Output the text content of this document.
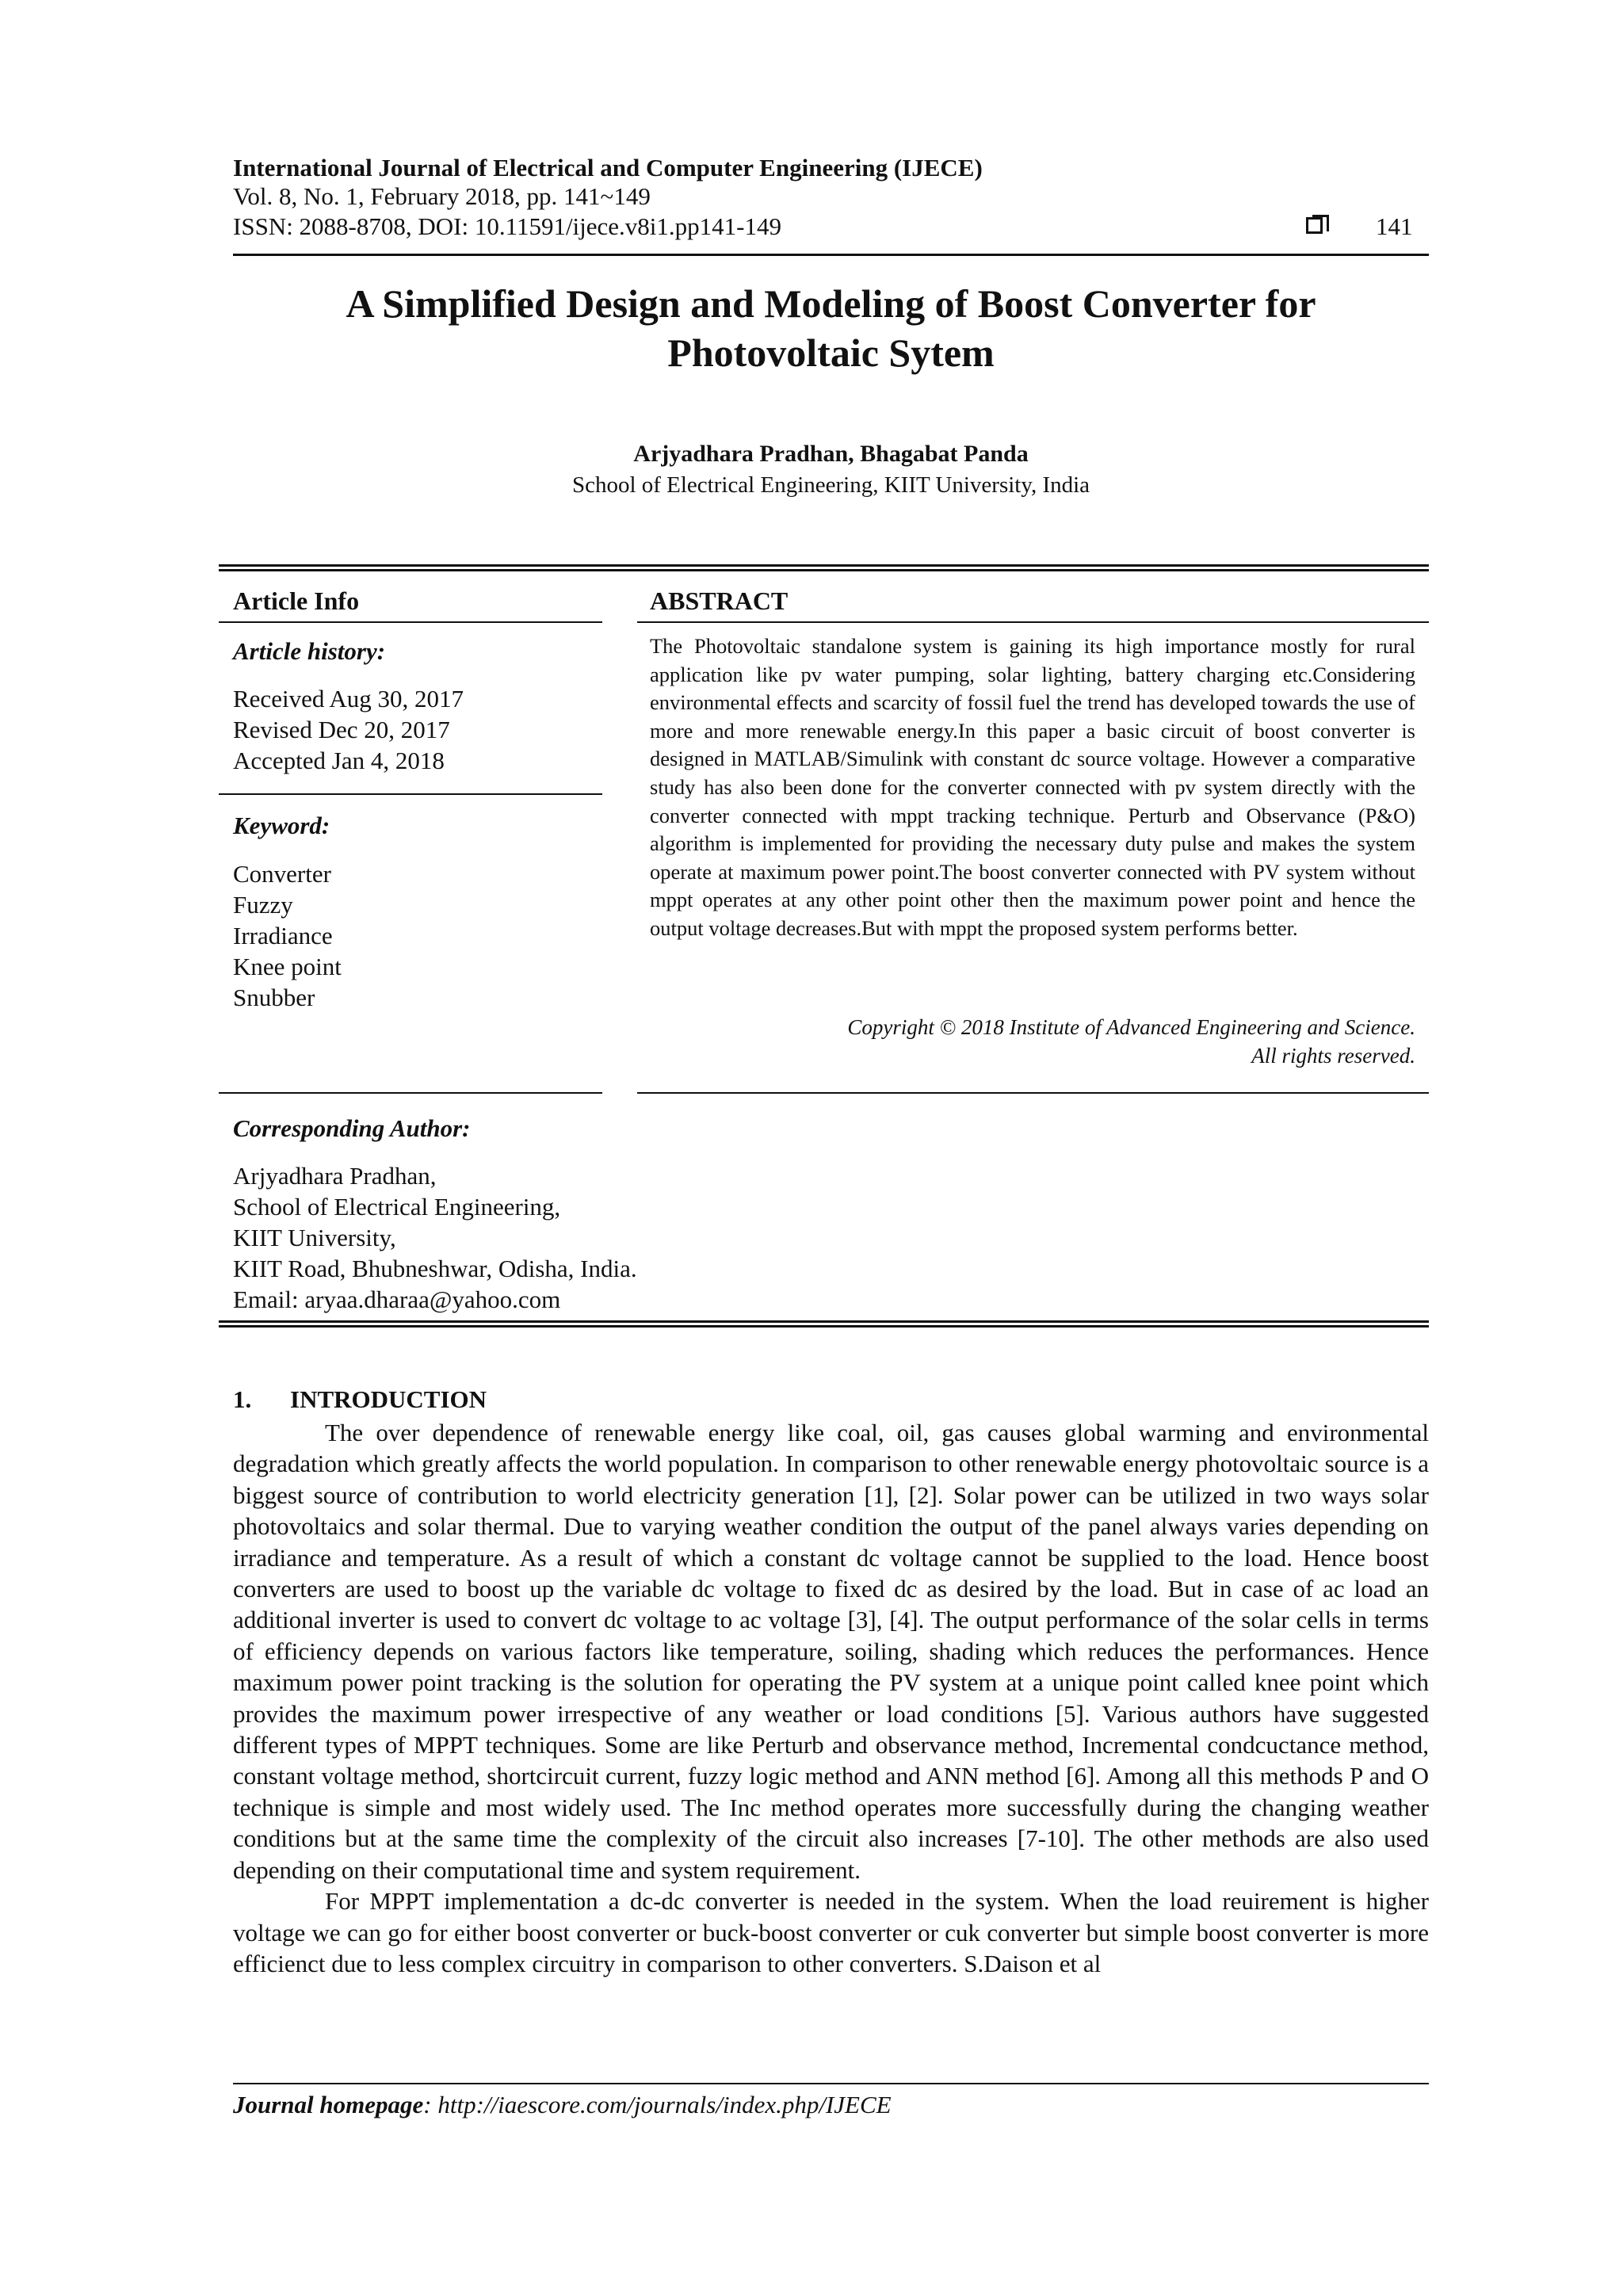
International Journal of Electrical and Computer Engineering (IJECE)
Vol. 8, No. 1, February 2018, pp. 141~149
ISSN: 2088-8708, DOI: 10.11591/ijece.v8i1.pp141-149	141
A Simplified Design and Modeling of Boost Converter for
Photovoltaic Sytem
Arjyadhara Pradhan, Bhagabat Panda
School of Electrical Engineering, KIIT University, India
Article Info
Article history:
Received Aug 30, 2017
Revised Dec 20, 2017
Accepted Jan 4, 2018
Keyword:
Converter
Fuzzy
Irradiance
Knee point
Snubber
ABSTRACT
The Photovoltaic standalone system is gaining its high importance mostly for rural application like pv water pumping, solar lighting, battery charging etc.Considering environmental effects and scarcity of fossil fuel the trend has developed towards the use of more and more renewable energy.In this paper a basic circuit of boost converter is designed in MATLAB/Simulink with constant dc source voltage. However a comparative study has also been done for the converter connected with pv system directly with the converter connected with mppt tracking technique. Perturb and Observance (P&O) algorithm is implemented for providing the necessary duty pulse and makes the system operate at maximum power point.The boost converter connected with PV system without mppt operates at any other point other then the maximum power point and hence the output voltage decreases.But with mppt the proposed system performs better.
Copyright © 2018 Institute of Advanced Engineering and Science.
All rights reserved.
Corresponding Author:
Arjyadhara Pradhan,
School of Electrical Engineering,
KIIT University,
KIIT Road, Bhubneshwar, Odisha, India.
Email: aryaa.dharaa@yahoo.com
1. INTRODUCTION

The over dependence of renewable energy like coal, oil, gas causes global warming and environmental degradation which greatly affects the world population. In comparison to other renewable energy photovoltaic source is a biggest source of contribution to world electricity generation [1], [2]. Solar power can be utilized in two ways solar photovoltaics and solar thermal. Due to varying weather condition the output of the panel always varies depending on irradiance and temperature. As a result of which a constant dc voltage cannot be supplied to the load. Hence boost converters are used to boost up the variable dc voltage to fixed dc as desired by the load. But in case of ac load an additional inverter is used to convert dc voltage to ac voltage [3], [4]. The output performance of the solar cells in terms of efficiency depends on various factors like temperature, soiling, shading which reduces the performances. Hence maximum power point tracking is the solution for operating the PV system at a unique point called knee point which provides the maximum power irrespective of any weather or load conditions [5]. Various authors have suggested different types of MPPT techniques. Some are like Perturb and observance method, Incremental condcuctance method, constant voltage method, shortcircuit current, fuzzy logic method and ANN method [6]. Among all this methods P and O technique is simple and most widely used. The Inc method operates more successfully during the changing weather conditions but at the same time the complexity of the circuit also increases [7-10]. The other methods are also used depending on their computational time and system requirement.

For MPPT implementation a dc-dc converter is needed in the system. When the load reuirement is higher voltage we can go for either boost converter or buck-boost converter or cuk converter but simple boost converter is more efficienct due to less complex circuitry in comparison to other converters. S.Daison et al

Journal homepage: http://iaescore.com/journals/index.php/IJECE
